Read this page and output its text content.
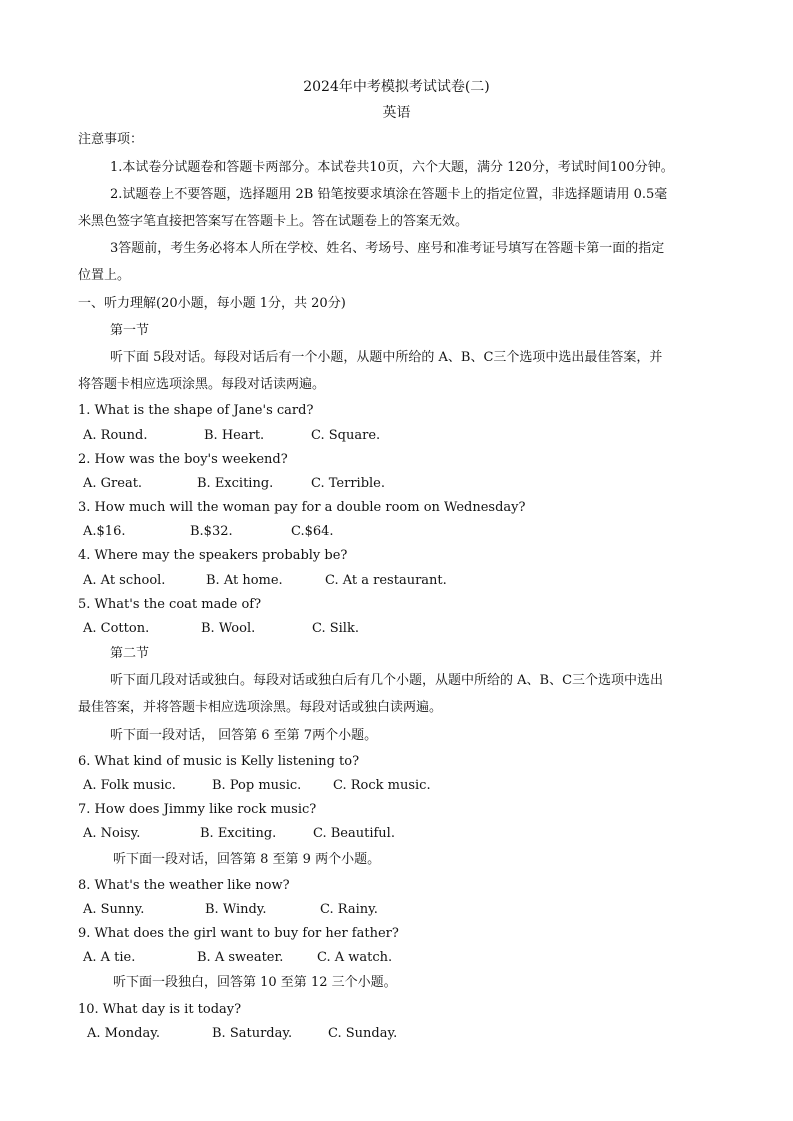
2024年中考模拟考试试卷(二)
英语
注意事项：
1.本试卷分试题卷和答题卡两部分。本试卷共10页，六个大题，满分 120分，考试时间100分钟。
2.试题卷上不要答题，选择题用 2B 铅笔按要求填涂在答题卡上的指定位置，非选择题请用 0.5毫
米黑色签字笔直接把答案写在答题卡上。答在试题卷上的答案无效。
3答题前，考生务必将本人所在学校、姓名、考场号、座号和准考证号填写在答题卡第一面的指定
位置上。
一、听力理解(20小题，每小题 1分，共 20分)
第一节
听下面 5段对话。每段对话后有一个小题，从题中所给的 A、B、C三个选项中选出最佳答案，并
将答题卡相应选项涂黑。每段对话读两遍。
1. What is the shape of Jane's card?
A. Round.	B. Heart.	C. Square.
2. How was the boy's weekend?
A. Great.	B. Exciting.	C. Terrible.
3. How much will the woman pay for a double room on Wednesday?
A.$16.	B.$32.	C.$64.
4. Where may the speakers probably be?
A. At school.	B. At home.	C. At a restaurant.
5. What's the coat made of?
A. Cotton.	B. Wool.	C. Silk.
第二节
听下面几段对话或独白。每段对话或独白后有几个小题，从题中所给的 A、B、C三个选项中选出
最佳答案，并将答题卡相应选项涂黑。每段对话或独白读两遍。
听下面一段对话， 回答第 6 至第 7两个小题。
6. What kind of music is Kelly listening to?
A. Folk music.	B. Pop music. C. Rock music.
7. How does Jimmy like rock music?
A. Noisy.	B. Exciting.	C. Beautiful.
听下面一段对话，回答第 8 至第 9 两个小题。
8. What's the weather like now?
A. Sunny.	B. Windy.	C. Rainy.
9. What does the girl want to buy for her father?
A. A tie.	B. A sweater.	C. A watch.
听下面一段独白，回答第 10 至第 12 三个小题。
10. What day is it today?
A. Monday.	B. Saturday.	C. Sunday.
